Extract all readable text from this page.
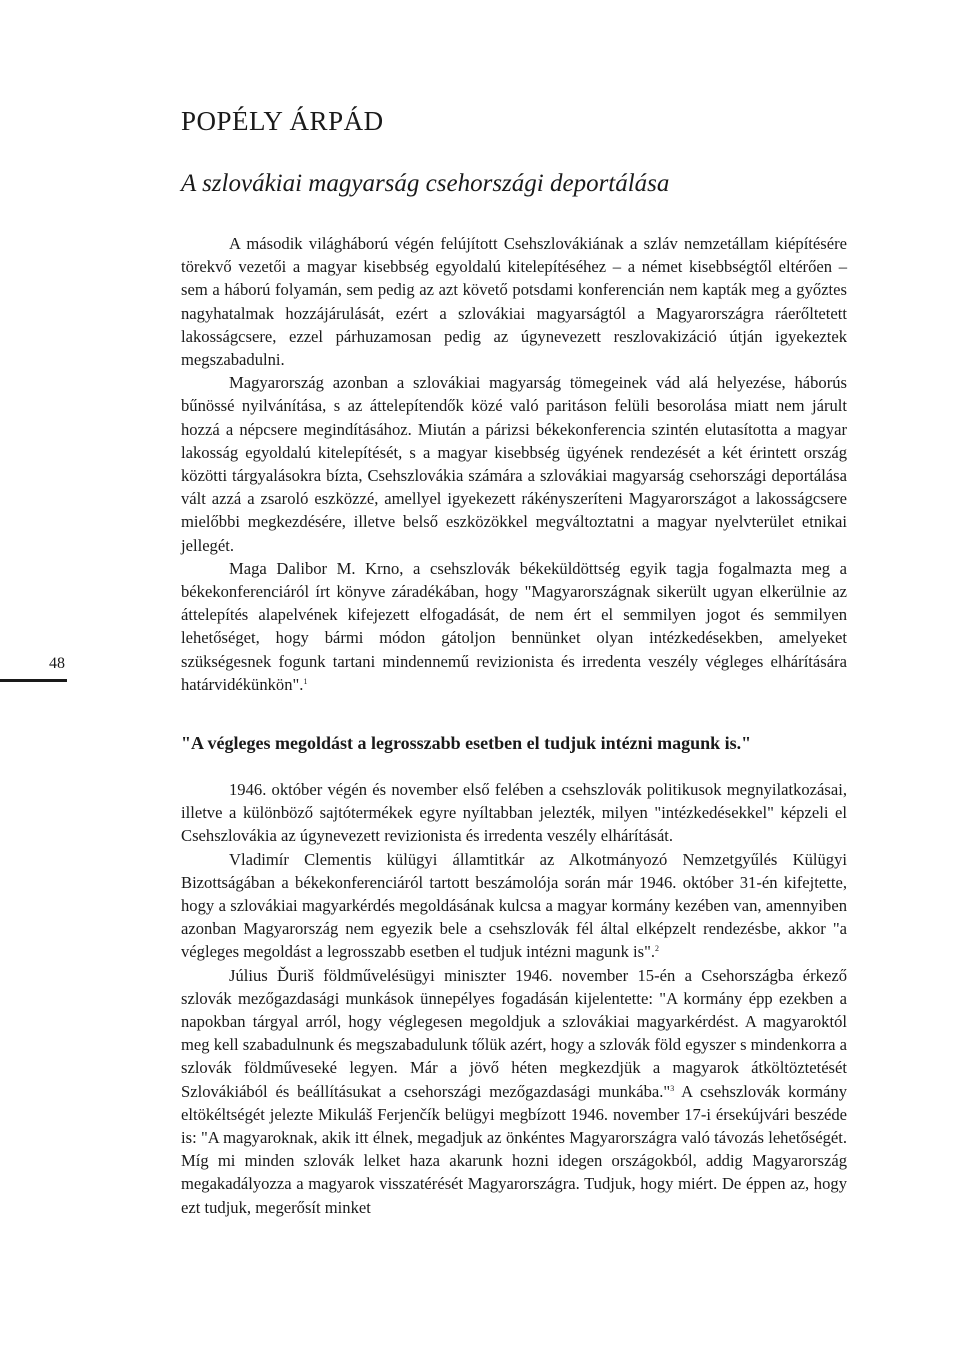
POPÉLY ÁRPÁD
A szlovákiai magyarság csehországi deportálása

A második világháború végén felújított Csehszlovákiának a szláv nemzetállam kiépítésére törekvő vezetői a magyar kisebbség egyoldalú kitelepítéséhez – a német kisebbségtől eltérően – sem a háború folyamán, sem pedig az azt követő potsdami konferencián nem kapták meg a győztes nagyhatalmak hozzájárulását, ezért a szlovákiai magyarságtól a Magyarországra ráerőltetett lakosságcsere, ezzel párhuzamosan pedig az úgynevezett reszlovakizáció útján igyekeztek megszabadulni.

Magyarország azonban a szlovákiai magyarság tömegeinek vád alá helyezése, háborús bűnössé nyilvánítása, s az áttelepítendők közé való paritáson felüli besorolása miatt nem járult hozzá a népcsere megindításához. Miután a párizsi békekonferencia szintén elutasította a magyar lakosság egyoldalú kitelepítését, s a magyar kisebbség ügyének rendezését a két érintett ország közötti tárgyalásokra bízta, Csehszlovákia számára a szlovákiai magyarság csehországi deportálása vált azzá a zsaroló eszközzé, amellyel igyekezett rákényszeríteni Magyarországot a lakosságcsere mielőbbi megkezdésére, illetve belső eszközökkel megváltoztatni a magyar nyelvterület etnikai jellegét.

Maga Dalibor M. Krno, a csehszlovák békeküldöttség egyik tagja fogalmazta meg a békekonferenciáról írt könyve záradékában, hogy "Magyarországnak sikerült ugyan elkerülnie az áttelepítés alapelvének kifejezett elfogadását, de nem ért el semmilyen jogot és semmilyen lehetőséget, hogy bármi módon gátoljon bennünket olyan intézkedésekben, amelyeket szükségesnek fogunk tartani mindennemű revizionista és irredenta veszély végleges elhárítására határvidékünkön".$^1$

48
"A végleges megoldást a legrosszabb esetben el tudjuk intézni magunk is."

1946. október végén és november első felében a csehszlovák politikusok megnyilatkozásai, illetve a különböző sajtótermékek egyre nyíltabban jelezték, milyen "intézkedésekkel" képzeli el Csehszlovákia az úgynevezett revizionista és irredenta veszély elhárítását.

Vladimír Clementis külügyi államtitkár az Alkotmányozó Nemzetgyűlés Külügyi Bizottságában a békekonferenciáról tartott beszámolója során már 1946. október 31-én kifejtette, hogy a szlovákiai magyarkérdés megoldásának kulcsa a magyar kormány kezében van, amennyiben azonban Magyarország nem egyezik bele a csehszlovák fél által elképzelt rendezésbe, akkor "a végleges megoldást a legrosszabb esetben el tudjuk intézni magunk is".$^2$

Július Ďuriš földművelésügyi miniszter 1946. november 15-én a Csehországba érkező szlovák mezőgazdasági munkások ünnepélyes fogadásán kijelentette: "A kormány épp ezekben a napokban tárgyal arról, hogy véglegesen megoldjuk a szlovákiai magyarkérdést. A magyaroktól meg kell szabadulnunk és megszabadulunk tőlük azért, hogy a szlovák föld egyszer s mindenkorra a szlovák földműveseké legyen. Már a jövő héten megkezdjük a magyarok átköltöztetését Szlovákiából és beállításukat a csehországi mezőgazdasági munkába."$^3$ A csehszlovák kormány eltökéltségét jelezte Mikuláš Ferjenčík belügyi megbízott 1946. november 17-i érsekújvári beszéde is: "A magyaroknak, akik itt élnek, megadjuk az önkéntes Magyarországra való távozás lehetőségét. Míg mi minden szlovák lelket haza akarunk hozni idegen országokból, addig Magyarország megakadályozza a magyarok visszatérését Magyarországra. Tudjuk, hogy miért. De éppen az, hogy ezt tudjuk, megerősít minket
